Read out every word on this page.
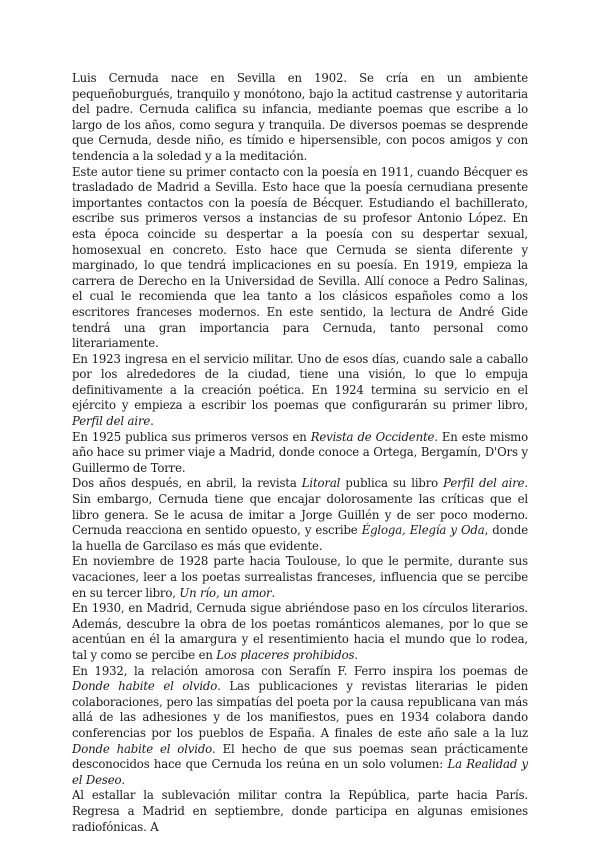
Luis Cernuda nace en Sevilla en 1902. Se cría en un ambiente pequeñoburgués, tranquilo y monótono, bajo la actitud castrense y autoritaria del padre. Cernuda califica su infancia, mediante poemas que escribe a lo largo de los años, como segura y tranquila. De diversos poemas se desprende que Cernuda, desde niño, es tímido e hipersensible, con pocos amigos y con tendencia a la soledad y a la meditación.

Este autor tiene su primer contacto con la poesía en 1911, cuando Bécquer es trasladado de Madrid a Sevilla. Esto hace que la poesía cernudiana presente importantes contactos con la poesía de Bécquer. Estudiando el bachillerato, escribe sus primeros versos a instancias de su profesor Antonio López. En esta época coincide su despertar a la poesía con su despertar sexual, homosexual en concreto. Esto hace que Cernuda se sienta diferente y marginado, lo que tendrá implicaciones en su poesía. En 1919, empieza la carrera de Derecho en la Universidad de Sevilla. Allí conoce a Pedro Salinas, el cual le recomienda que lea tanto a los clásicos españoles como a los escritores franceses modernos. En este sentido, la lectura de André Gide tendrá una gran importancia para Cernuda, tanto personal como literariamente.

En 1923 ingresa en el servicio militar. Uno de esos días, cuando sale a caballo por los alrededores de la ciudad, tiene una visión, lo que lo empuja definitivamente a la creación poética. En 1924 termina su servicio en el ejército y empieza a escribir los poemas que configurarán su primer libro, Perfil del aire.

En 1925 publica sus primeros versos en Revista de Occidente. En este mismo año hace su primer viaje a Madrid, donde conoce a Ortega, Bergamín, D'Ors y Guillermo de Torre.

Dos años después, en abril, la revista Litoral publica su libro Perfil del aire. Sin embargo, Cernuda tiene que encajar dolorosamente las críticas que el libro genera. Se le acusa de imitar a Jorge Guillén y de ser poco moderno. Cernuda reacciona en sentido opuesto, y escribe Égloga, Elegía y Oda, donde la huella de Garcilaso es más que evidente.

En noviembre de 1928 parte hacia Toulouse, lo que le permite, durante sus vacaciones, leer a los poetas surrealistas franceses, influencia que se percibe en su tercer libro, Un río, un amor.

En 1930, en Madrid, Cernuda sigue abriéndose paso en los círculos literarios. Además, descubre la obra de los poetas románticos alemanes, por lo que se acentúan en él la amargura y el resentimiento hacia el mundo que lo rodea, tal y como se percibe en Los placeres prohibidos.

En 1932, la relación amorosa con Serafín F. Ferro inspira los poemas de Donde habite el olvido. Las publicaciones y revistas literarias le piden colaboraciones, pero las simpatías del poeta por la causa republicana van más allá de las adhesiones y de los manifiestos, pues en 1934 colabora dando conferencias por los pueblos de España. A finales de este año sale a la luz Donde habite el olvido. El hecho de que sus poemas sean prácticamente desconocidos hace que Cernuda los reúna en un solo volumen: La Realidad y el Deseo.

Al estallar la sublevación militar contra la República, parte hacia París. Regresa a Madrid en septiembre, donde participa en algunas emisiones radiofónicas. A
